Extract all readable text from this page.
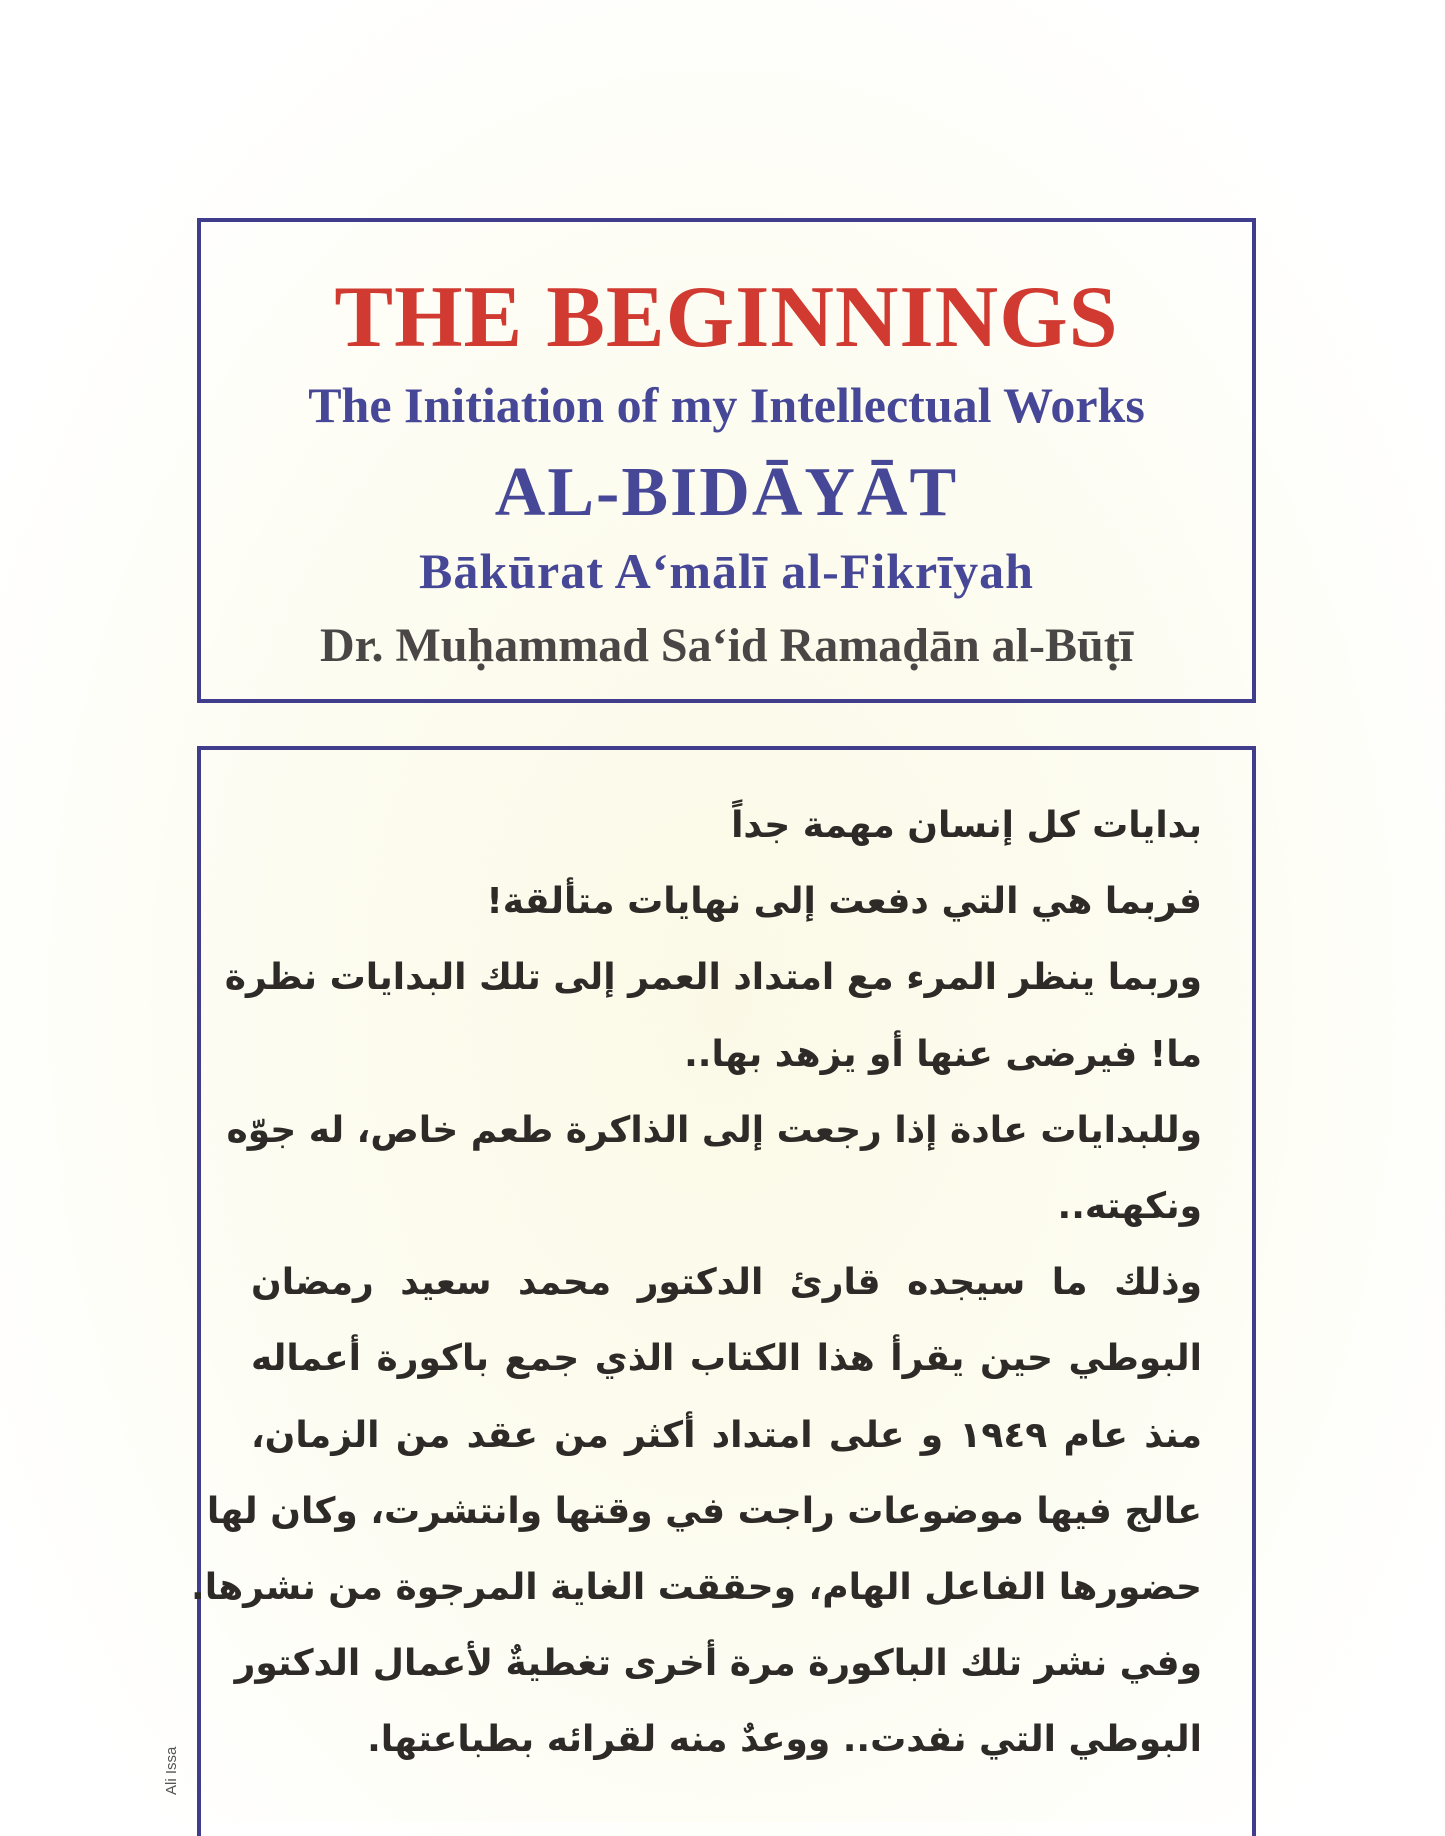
THE BEGINNINGS
The Initiation of my Intellectual Works
AL-BIDĀYĀT
Bākūrat A‘mālī al-Fikrīyah
Dr. Muḥammad Sa‘id Ramaḍān al-Būṭī
بدايات كل إنسان مهمة جداً
فربما هي التي دفعت إلى نهايات متألقة!
وربما ينظر المرء مع امتداد العمر إلى تلك البدايات نظرة
ما! فيرضى عنها أو يزهد بها..
وللبدايات عادة إذا رجعت إلى الذاكرة طعم خاص، له جوّه
ونكهته..
وذلك ما سيجده قارئ الدكتور محمد سعيد رمضان
البوطي حين يقرأ هذا الكتاب الذي جمع باكورة أعماله
منذ عام ١٩٤٩ و على امتداد أكثر من عقد من الزمان،
عالج فيها موضوعات راجت في وقتها وانتشرت، وكان لها
حضورها الفاعل الهام، وحققت الغاية المرجوة من نشرها.
وفي نشر تلك الباكورة مرة أخرى تغطيةٌ لأعمال الدكتور
البوطي التي نفدت.. ووعدٌ منه لقرائه بطباعتها.
Ali Issa
